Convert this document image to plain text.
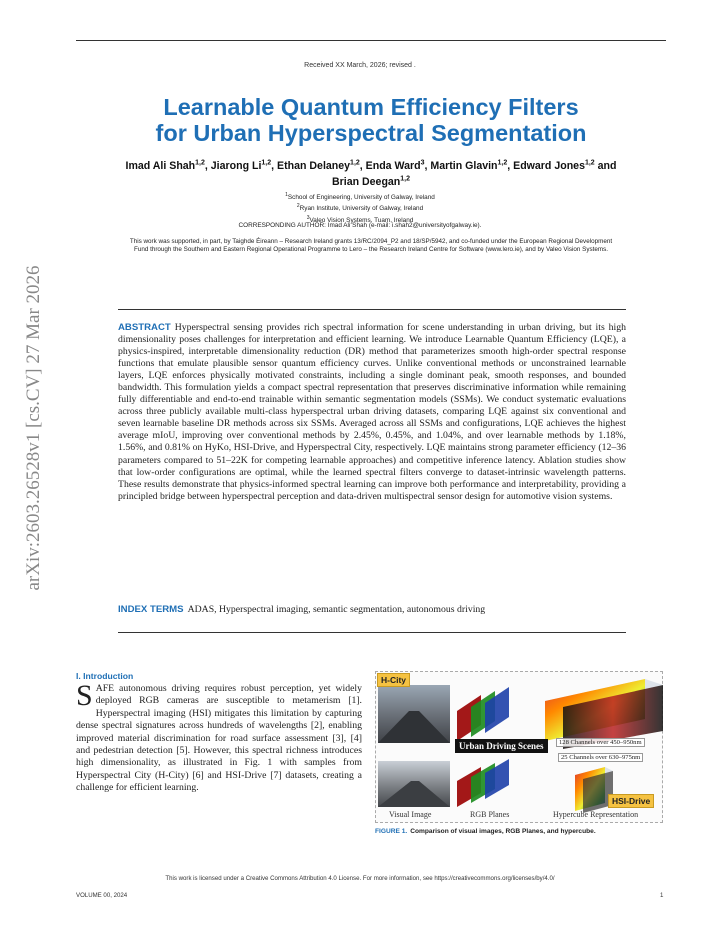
Received XX March, 2026; revised .
Learnable Quantum Efficiency Filters
for Urban Hyperspectral Segmentation
Imad Ali Shah$^{1,2}$, Jiarong Li$^{1,2}$, Ethan Delaney$^{1,2}$, Enda Ward$^3$, Martin Glavin$^{1,2}$, Edward Jones$^{1,2}$ and Brian Deegan$^{1,2}$
$^1$School of Engineering, University of Galway, Ireland
$^2$Ryan Institute, University of Galway, Ireland
$^3$Valeo Vision Systems, Tuam, Ireland
CORRESPONDING AUTHOR: Imad Ali Shah (e-mail: i.shah2@universityofgalway.ie).
This work was supported, in part, by Taighde Éireann – Research Ireland grants 13/RC/2094_P2 and 18/SP/5942, and co-funded under the European Regional Development Fund through the Southern and Eastern Regional Operational Programme to Lero – the Research Ireland Centre for Software (www.lero.ie), and by Valeo Vision Systems.
arXiv:2603.26528v1 [cs.CV] 27 Mar 2026	ABSTRACT Hyperspectral sensing provides rich spectral information for scene understanding in urban driving, but its high dimensionality poses challenges for interpretation and efficient learning. We introduce Learnable Quantum Efficiency (LQE), a physics-inspired, interpretable dimensionality reduction (DR) method that parameterizes smooth high-order spectral response functions that emulate plausible sensor quantum efficiency curves. Unlike conventional methods or unconstrained learnable layers, LQE enforces physically motivated constraints, including a single dominant peak, smooth responses, and bounded bandwidth. This formulation yields a compact spectral representation that preserves discriminative information while remaining fully differentiable and end-to-end trainable within semantic segmentation models (SSMs). We conduct systematic evaluations across three publicly available multi-class hyperspectral urban driving datasets, comparing LQE against six conventional and seven learnable baseline DR methods across six SSMs. Averaged across all SSMs and configurations, LQE achieves the highest average mIoU, improving over conventional methods by 2.45%, 0.45%, and 1.04%, and over learnable methods by 1.18%, 1.56%, and 0.81% on HyKo, HSI-Drive, and Hyperspectral City, respectively. LQE maintains strong parameter efficiency (12–36 parameters compared to 51–22K for competing learnable approaches) and competitive inference latency. Ablation studies show that low-order configurations are optimal, while the learned spectral filters converge to dataset-intrinsic wavelength patterns. These results demonstrate that physics-informed spectral learning can improve both performance and interpretability, providing a principled bridge between hyperspectral perception and data-driven multispectral sensor design for automotive vision systems.
INDEX TERMS ADAS, Hyperspectral imaging, semantic segmentation, autonomous driving
I. Introduction
SAFE autonomous driving requires robust perception, yet widely deployed RGB cameras are susceptible to metamerism [1]. Hyperspectral imaging (HSI) mitigates this limitation by capturing dense spectral signatures across hundreds of wavelengths [2], enabling improved material discrimination for road surface assessment [3], [4] and pedestrian detection [5]. However, this spectral richness introduces high dimensionality, as illustrated in Fig. 1 with samples from Hyperspectral City (H-City) [6] and HSI-Drive [7] datasets, creating a challenge for efficient learning.
H-City
Urban Driving Scenes	128 Channels over 450–950nm
25 Channels over 630–975nm
HSI-Drive
Visual Image	RGB Planes	Hypercube Representation
FIGURE 1. Comparison of visual images, RGB Planes, and hypercube.
This work is licensed under a Creative Commons Attribution 4.0 License. For more information, see https://creativecommons.org/licenses/by/4.0/
VOLUME 00, 2024	1
